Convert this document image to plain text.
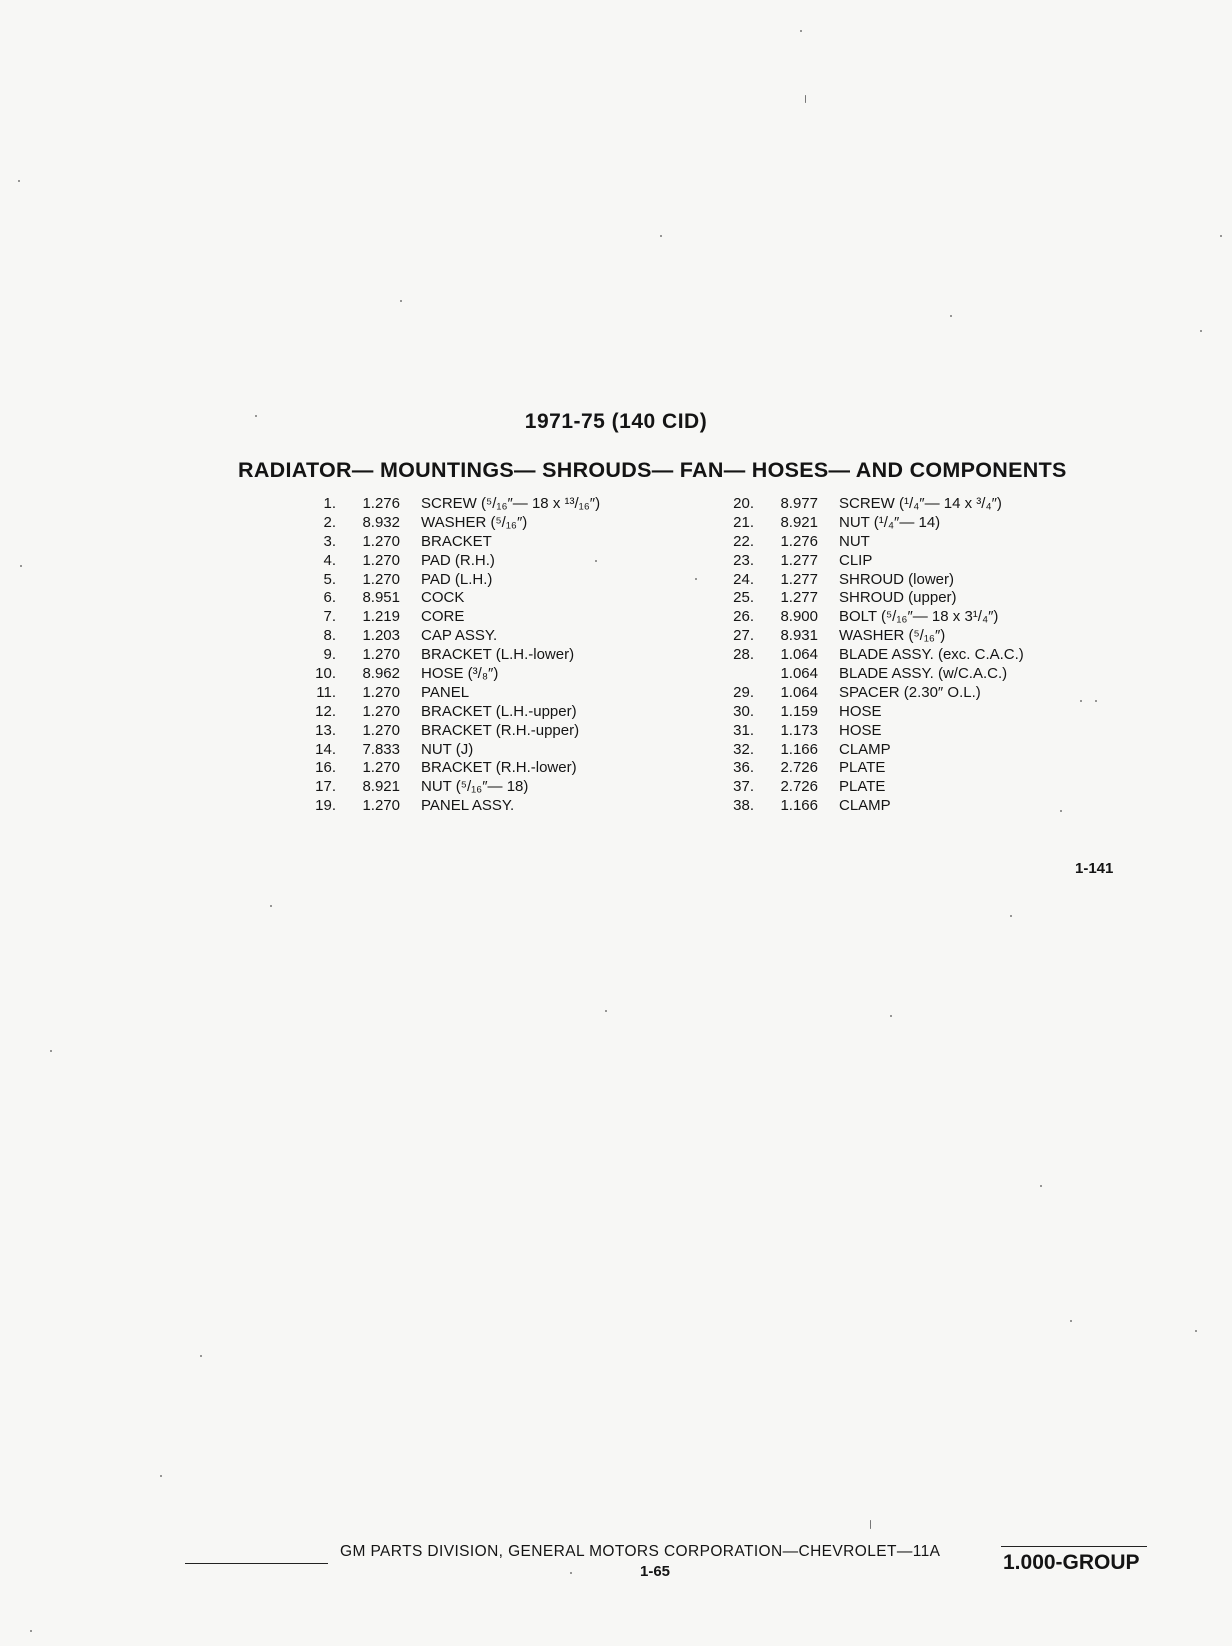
1971-75 (140 CID)
RADIATOR— MOUNTINGS— SHROUDS— FAN— HOSES— AND COMPONENTS
1.	1.276	SCREW (⁵/₁₆″— 18 x ¹³/₁₆″)
2.	8.932	WASHER (⁵/₁₆″)
3.	1.270	BRACKET
4.	1.270	PAD (R.H.)
5.	1.270	PAD (L.H.)
6.	8.951	COCK
7.	1.219	CORE
8.	1.203	CAP ASSY.
9.	1.270	BRACKET (L.H.-lower)
10.	8.962	HOSE (³/₈″)
11.	1.270	PANEL
12.	1.270	BRACKET (L.H.-upper)
13.	1.270	BRACKET (R.H.-upper)
14.	7.833	NUT (J)
16.	1.270	BRACKET (R.H.-lower)
17.	8.921	NUT (⁵/₁₆″— 18)
19.	1.270	PANEL ASSY.
20.	8.977	SCREW (¹/₄″— 14 x ³/₄″)
21.	8.921	NUT (¹/₄″— 14)
22.	1.276	NUT
23.	1.277	CLIP
24.	1.277	SHROUD (lower)
25.	1.277	SHROUD (upper)
26.	8.900	BOLT (⁵/₁₆″— 18 x 3¹/₄″)
27.	8.931	WASHER (⁵/₁₆″)
28.	1.064	BLADE ASSY. (exc. C.A.C.)
1.064	BLADE ASSY. (w/C.A.C.)
29.	1.064	SPACER (2.30″ O.L.)
30.	1.159	HOSE
31.	1.173	HOSE
32.	1.166	CLAMP
36.	2.726	PLATE
37.	2.726	PLATE
38.	1.166	CLAMP
1-141
GM PARTS DIVISION, GENERAL MOTORS CORPORATION—CHEVROLET—11A
1-65	1.000-GROUP
